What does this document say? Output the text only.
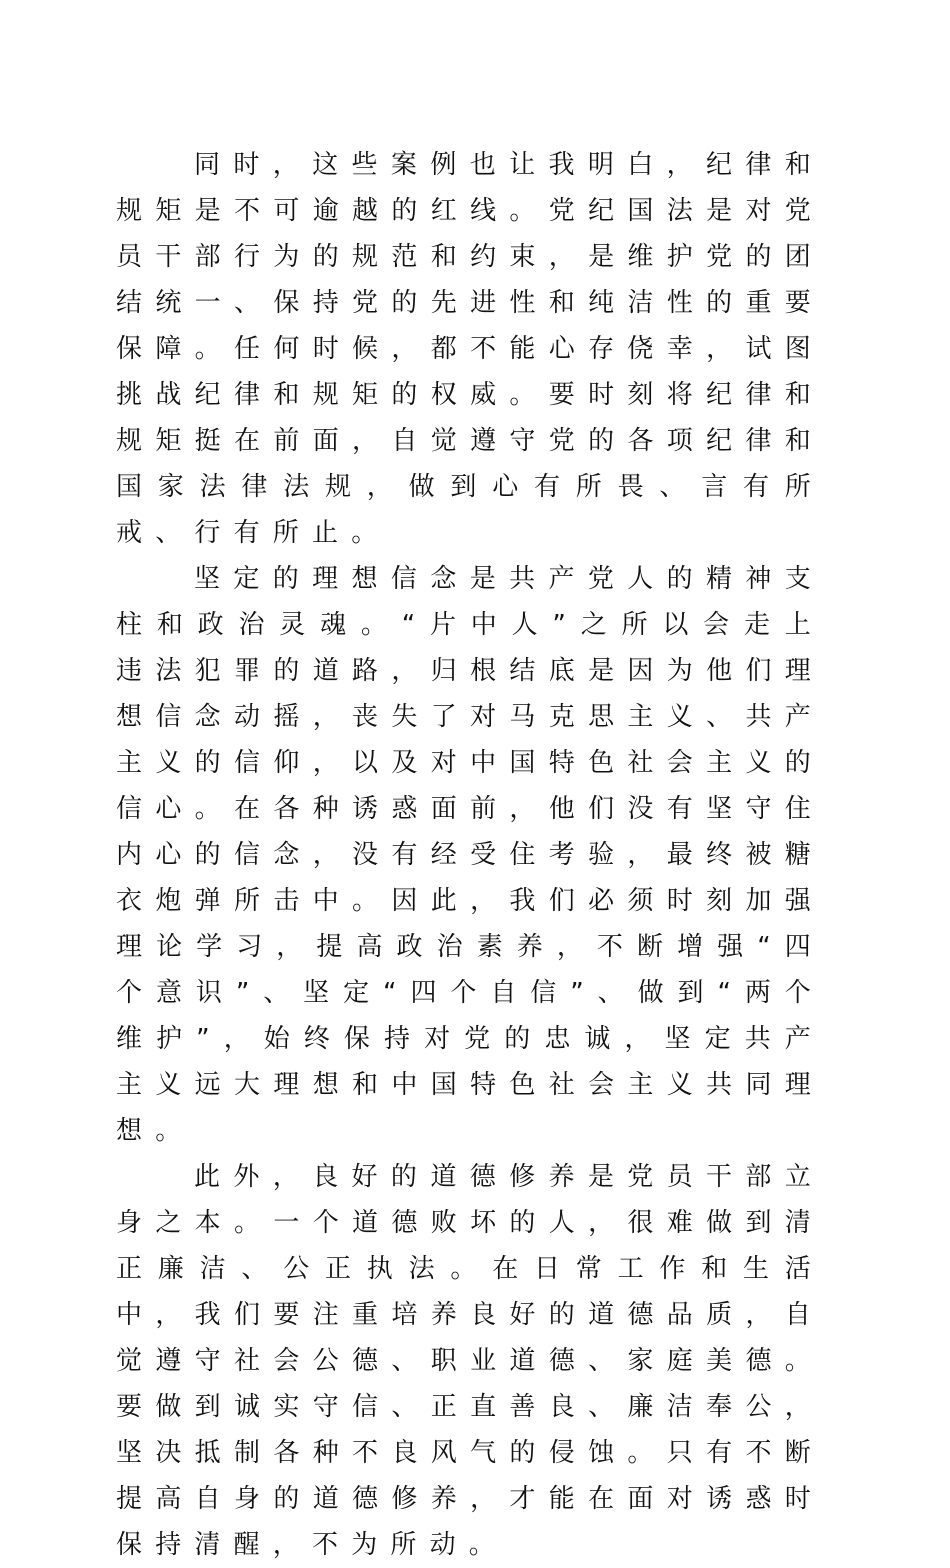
同时，这些案例也让我明白，纪律和规矩是不可逾越的红线。党纪国法是对党员干部行为的规范和约束，是维护党的团结统一、保持党的先进性和纯洁性的重要保障。任何时候，都不能心存侥幸，试图挑战纪律和规矩的权威。要时刻将纪律和规矩挺在前面，自觉遵守党的各项纪律和国家法律法规，做到心有所畏、言有所戒、行有所止。

坚定的理想信念是共产党人的精神支柱和政治灵魂。“片中人”之所以会走上违法犯罪的道路，归根结底是因为他们理想信念动摇，丧失了对马克思主义、共产主义的信仰，以及对中国特色社会主义的信心。在各种诱惑面前，他们没有坚守住内心的信念，没有经受住考验，最终被糖衣炮弹所击中。因此，我们必须时刻加强理论学习，提高政治素养，不断增强“四个意识”、坚定“四个自信”、做到“两个维护”，始终保持对党的忠诚，坚定共产主义远大理想和中国特色社会主义共同理想。

此外，良好的道德修养是党员干部立身之本。一个道德败坏的人，很难做到清正廉洁、公正执法。在日常工作和生活中，我们要注重培养良好的道德品质，自觉遵守社会公德、职业道德、家庭美德。要做到诚实守信、正直善良、廉洁奉公，坚决抵制各种不良风气的侵蚀。只有不断提高自身的道德修养，才能在面对诱惑时保持清醒，不为所动。
